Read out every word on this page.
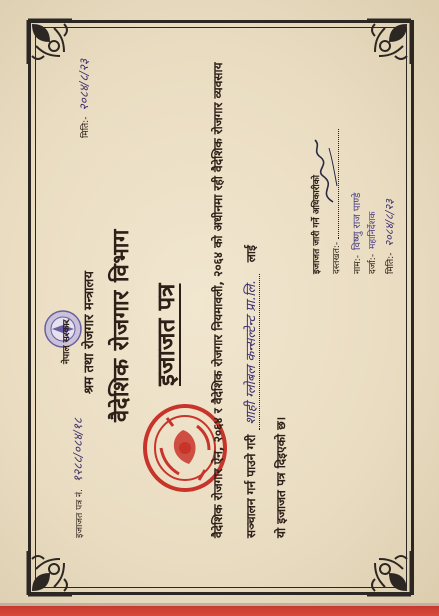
इजाजत पत्र नं. १२८८/०८४/१८
नेपाल सरकार
मिति:- २०८४/८/२३
श्रम तथा रोजगार मन्त्रालय वैदेशिक रोजगार विभाग इजाजत पत्र	वैदेशिक रोजगार ऐन, २०६४ र वैदेशिक रोजगार नियमावली, २०६४ को अधीनमा रही वैदेशिक रोजगार व्यवसाय सञ्चालन गर्न पाउने गरी शाही ग्लोबल कन्सल्टेन्ट प्रा.लि. लाई
यो इजाजत पत्र दिइएको छ।
इजाजत जारी गर्ने अधिकारीको	दस्तखत:-	नाम:- विष्णु राज पाण्डे
दर्जा:- महानिर्देशक
मिति:- २०८४/८/२३
